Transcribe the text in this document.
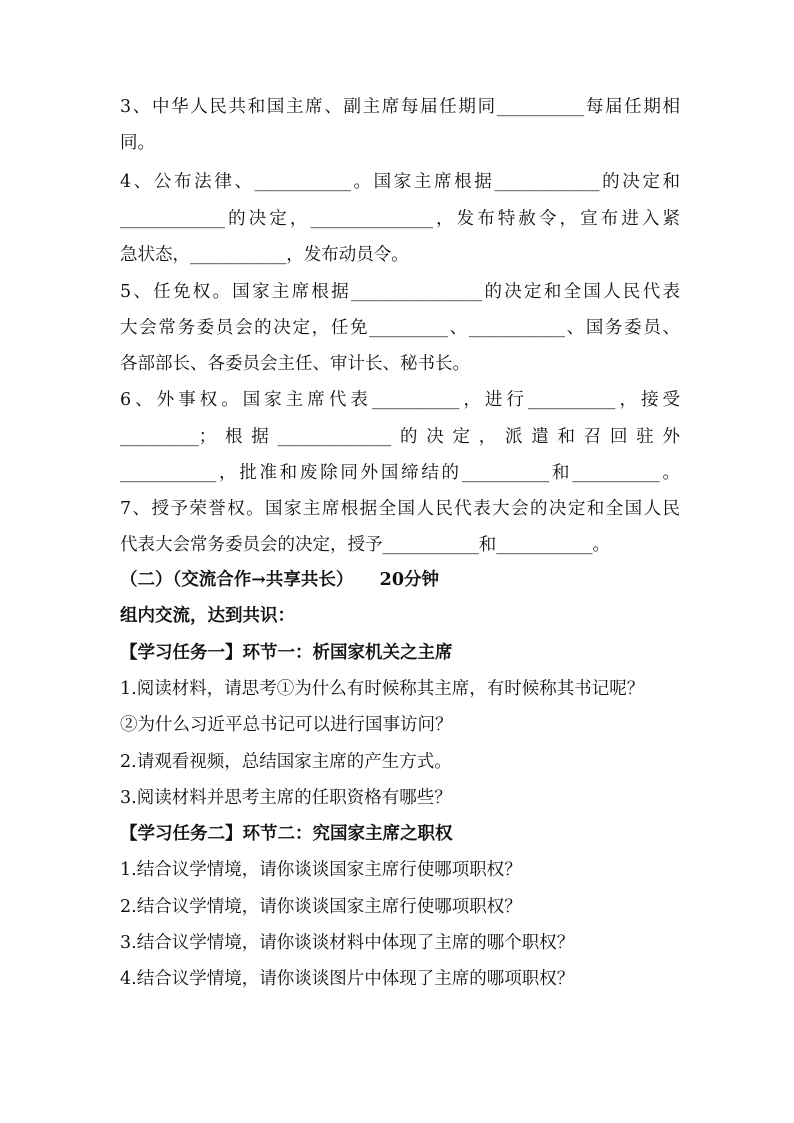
3、中华人民共和国主席、副主席每届任期同__________每届任期相
同。
4、公布法律、___________。国家主席根据____________的决定和
____________的决定，______________，发布特赦令，宣布进入紧
急状态，___________，发布动员令。
5、任免权。国家主席根据_______________的决定和全国人民代表
大会常务委员会的决定，任免_________、___________、国务委员、
各部部长、各委员会主任、审计长、秘书长。
6、外事权。国家主席代表__________，进行__________，接受
_________；根据_____________的决定，派遣和召回驻外
___________，批准和废除同外国缔结的__________和__________。
7、授予荣誉权。国家主席根据全国人民代表大会的决定和全国人民
代表大会常务委员会的决定，授予___________和___________。
（二）（交流合作→共享共长）　　20分钟
组内交流，达到共识：
【学习任务一】环节一：析国家机关之主席
1.阅读材料，请思考①为什么有时候称其主席，有时候称其书记呢？
②为什么习近平总书记可以进行国事访问？
2.请观看视频，总结国家主席的产生方式。
3.阅读材料并思考主席的任职资格有哪些？
【学习任务二】环节二：究国家主席之职权
1.结合议学情境，请你谈谈国家主席行使哪项职权？
2.结合议学情境，请你谈谈国家主席行使哪项职权？
3.结合议学情境，请你谈谈材料中体现了主席的哪个职权？
4.结合议学情境，请你谈谈图片中体现了主席的哪项职权？
